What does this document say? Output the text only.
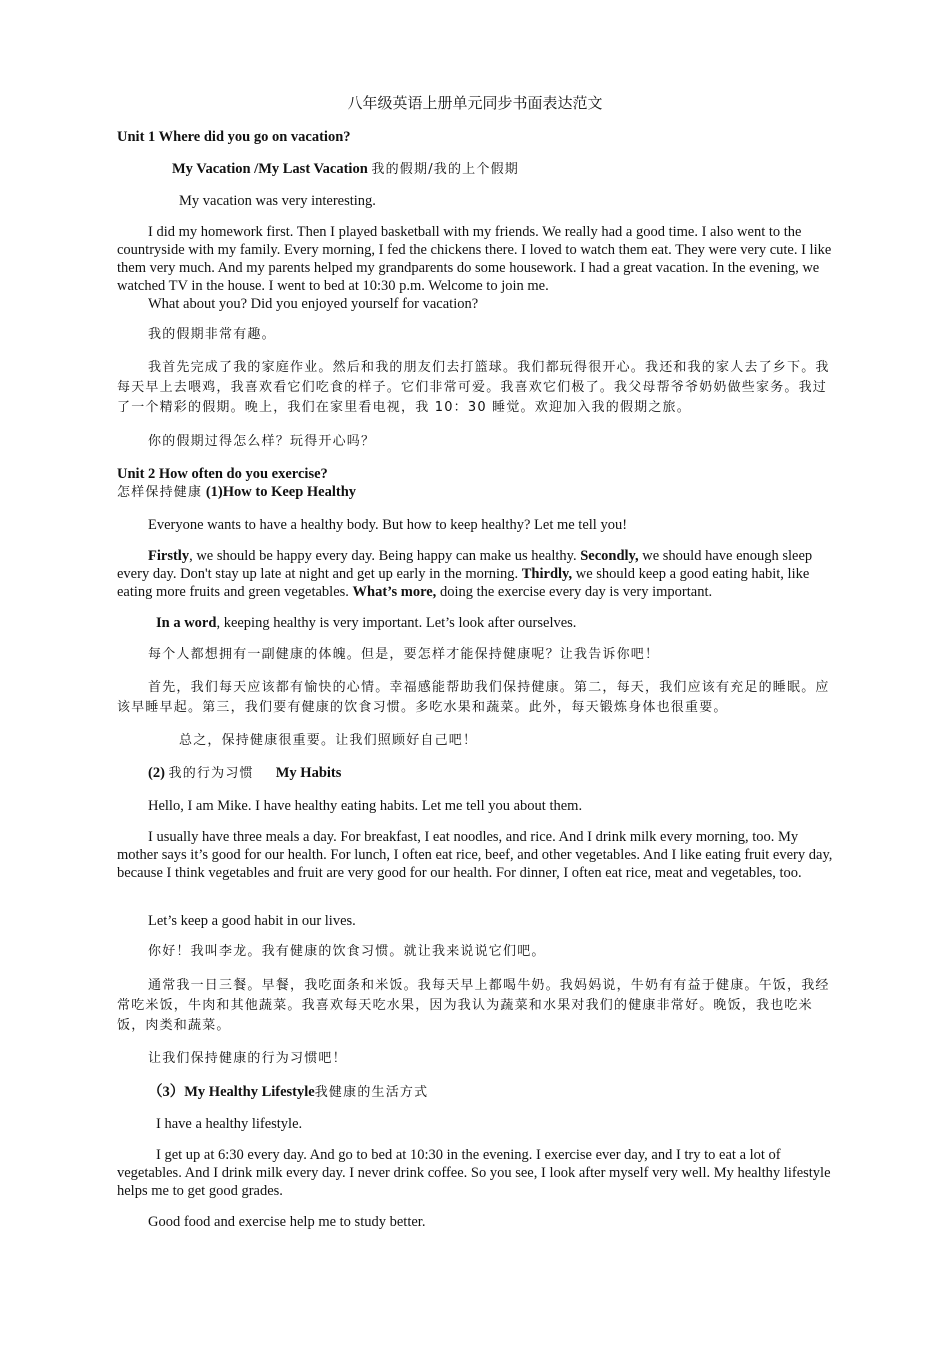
八年级英语上册单元同步书面表达范文

Unit 1 Where did you go on vacation?

My Vacation /My Last Vacation 我的假期/我的上个假期

My vacation was very interesting.

I did my homework first. Then I played basketball with my friends. We really had a good time. I also went to the countryside with my family. Every morning, I fed the chickens there. I loved to watch them eat. They were very cute. I like them very much. And my parents helped my grandparents do some housework. I had a great vacation. In the evening, we watched TV in the house. I went to bed at 10:30 p.m. Welcome to join me.

What about you? Did you enjoyed yourself for vacation?

我的假期非常有趣。

我首先完成了我的家庭作业。然后和我的朋友们去打篮球。我们都玩得很开心。我还和我的家人去了乡下。我每天早上去喂鸡，我喜欢看它们吃食的样子。它们非常可爱。我喜欢它们极了。我父母帮爷爷奶奶做些家务。我过了一个精彩的假期。晚上，我们在家里看电视，我 10：30 睡觉。欢迎加入我的假期之旅。

你的假期过得怎么样？玩得开心吗？

Unit 2 How often do you exercise?

怎样保持健康 (1)How to Keep Healthy

Everyone wants to have a healthy body. But how to keep healthy? Let me tell you!

Firstly, we should be happy every day. Being happy can make us healthy. Secondly, we should have enough sleep every day. Don't stay up late at night and get up early in the morning. Thirdly, we should keep a good eating habit, like eating more fruits and green vegetables. What’s more, doing the exercise every day is very important.

In a word, keeping healthy is very important. Let’s look after ourselves.

每个人都想拥有一副健康的体魄。但是，要怎样才能保持健康呢？让我告诉你吧！

首先，我们每天应该都有愉快的心情。幸福感能帮助我们保持健康。第二，每天，我们应该有充足的睡眠。应该早睡早起。第三，我们要有健康的饮食习惯。多吃水果和蔬菜。此外，每天锻炼身体也很重要。

总之，保持健康很重要。让我们照顾好自己吧！

(2) 我的行为习惯 My Habits

Hello, I am Mike. I have healthy eating habits. Let me tell you about them.

I usually have three meals a day. For breakfast, I eat noodles, and rice. And I drink milk every morning, too. My mother says it’s good for our health. For lunch, I often eat rice, beef, and other vegetables. And I like eating fruit every day, because I think vegetables and fruit are very good for our health. For dinner, I often eat rice, meat and vegetables, too.

Let’s keep a good habit in our lives.

你好！我叫李龙。我有健康的饮食习惯。就让我来说说它们吧。

通常我一日三餐。早餐，我吃面条和米饭。我每天早上都喝牛奶。我妈妈说，牛奶有有益于健康。午饭，我经常吃米饭，牛肉和其他蔬菜。我喜欢每天吃水果，因为我认为蔬菜和水果对我们的健康非常好。晚饭，我也吃米饭，肉类和蔬菜。

让我们保持健康的行为习惯吧！

（3）My Healthy Lifestyle我健康的生活方式

I have a healthy lifestyle.

I get up at 6:30 every day. And go to bed at 10:30 in the evening. I exercise ever day, and I try to eat a lot of vegetables. And I drink milk every day. I never drink coffee. So you see, I look after myself very well. My healthy lifestyle helps me to get good grades.

Good food and exercise help me to study better.
